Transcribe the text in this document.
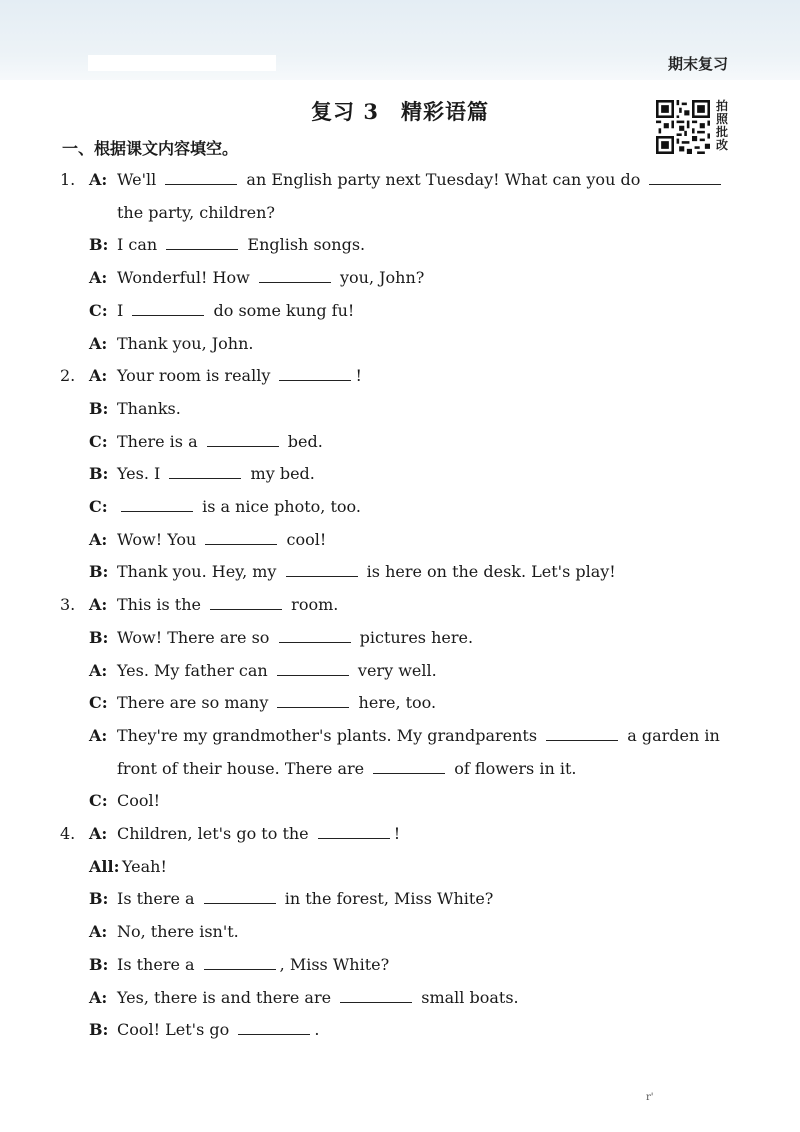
期末复习
复习 3　精彩语篇	拍
照
批
改
一、根据课文内容填空。
1. A: We'll	an English party next Tuesday! What can you do
the party, children?
B: I can	English songs.
A: Wonderful! How	you, John?
C: I	do some kung fu!
A: Thank you, John.
2. A: Your room is really	!
B: Thanks.
C: There is a	bed.
B: Yes. I	my bed.
C:	is a nice photo, too.
A: Wow! You	cool!
B: Thank you. Hey, my	is here on the desk. Let's play!
3. A: This is the	room.
B: Wow! There are so	pictures here.
A: Yes. My father can	very well.
C: There are so many	here, too.
A: They're my grandmother's plants. My grandparents	a garden in
front of their house. There are	of flowers in it.
C: Cool!
4. A: Children, let's go to the	!
All: Yeah!
B: Is there a	in the forest, Miss White?
A: No, there isn't.
B: Is there a	, Miss White?
A: Yes, there is and there are	small boats.
B: Cool! Let's go	.
r'
